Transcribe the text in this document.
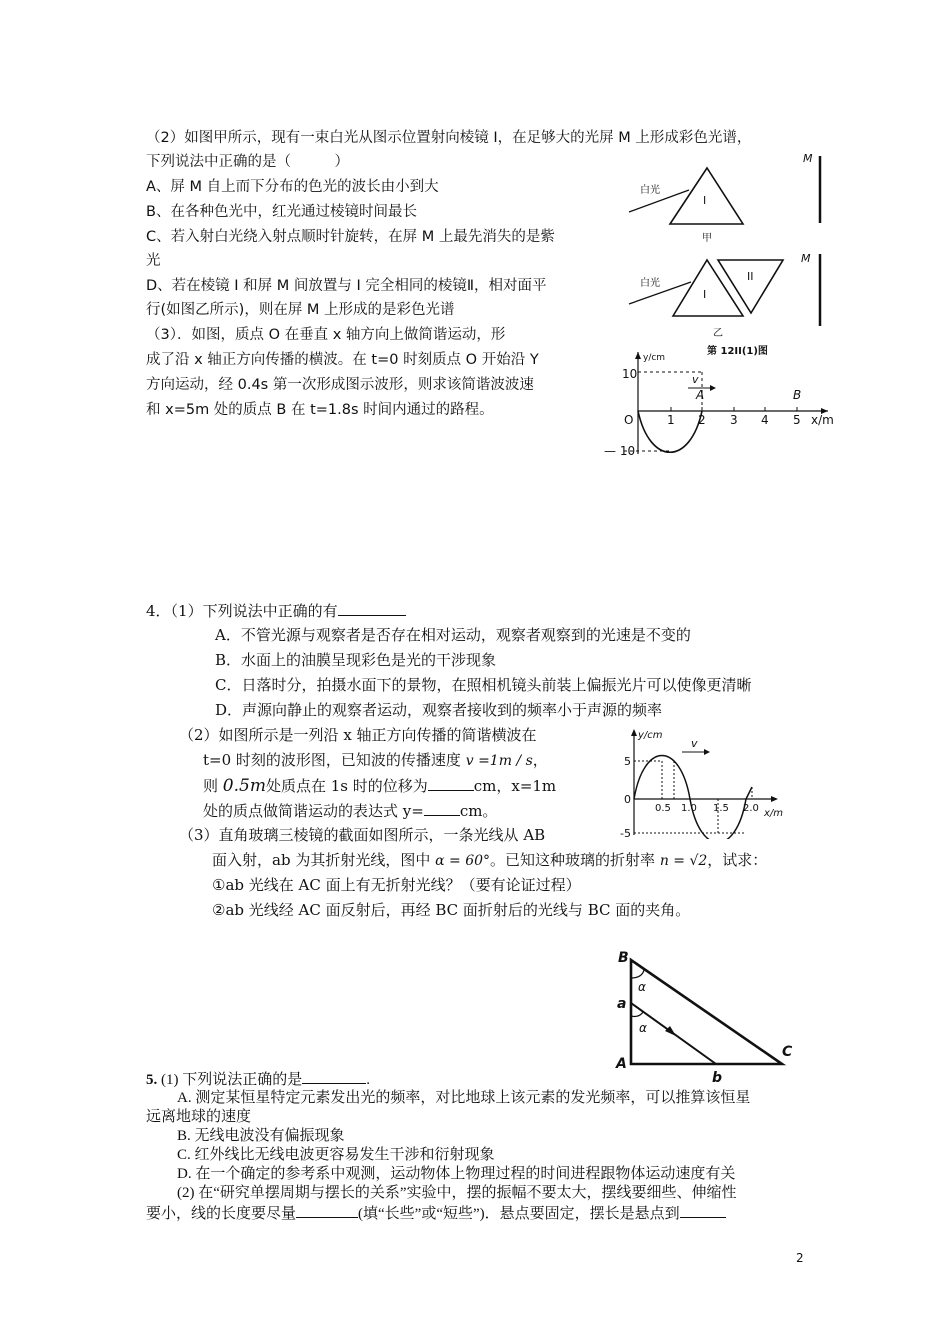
（2）如图甲所示，现有一束白光从图示位置射向棱镜 I，在足够大的光屏 M 上形成彩色光谱，
下列说法中正确的是（　　　）
A、屏 M 自上而下分布的色光的波长由小到大
B、在各种色光中，红光通过棱镜时间最长
C、若入射白光绕入射点顺时针旋转，在屏 M 上最先消失的是紫
光
D、若在棱镜 I 和屏 M 间放置与 I 完全相同的棱镜Ⅱ，相对面平
行(如图乙所示)，则在屏 M 上形成的是彩色光谱
（3）．如图，质点 O 在垂直 x 轴方向上做简谐运动，形
成了沿 x 轴正方向传播的横波。在 t=0 时刻质点 O 开始沿 Y
方向运动，经 0.4s 第一次形成图示波形，则求该简谐波波速
和 x=5m 处的质点 B 在 t=1.8s 时间内通过的路程。
M
白光
I
甲
M
白光
I
II
乙
第 12II(1)图
y/cm
x/m
10
— 10
O	1 2 3 4 5
v
A	B
4．（1）下列说法中正确的有
A．不管光源与观察者是否存在相对运动，观察者观察到的光速是不变的
B．水面上的油膜呈现彩色是光的干涉现象
C．日落时分，拍摄水面下的景物，在照相机镜头前装上偏振光片可以使像更清晰
D．声源向静止的观察者运动，观察者接收到的频率小于声源的频率
（2）如图所示是一列沿 x 轴正方向传播的简谐横波在
t=0 时刻的波形图，已知波的传播速度 v =1m / s，
则 0.5m处质点在 1s 时的位移为	cm，x=1m
处的质点做简谐运动的表达式 y= cm。
（3）直角玻璃三棱镜的截面如图所示，一条光线从 AB
面入射，ab 为其折射光线，图中 α = 60°。已知这种玻璃的折射率 n = √2，试求：
①ab 光线在 AC 面上有无折射光线？（要有论证过程）
②ab 光线经 AC 面反射后，再经 BC 面折射后的光线与 BC 面的夹角。
y/cm
x/m
5
-5
0
0.5 1.0 1.5 2.0
v
B
a
A
C
b
α
α
5. (1) 下列说法正确的是	.
A. 测定某恒星特定元素发出光的频率，对比地球上该元素的发光频率，可以推算该恒星
远离地球的速度
B. 无线电波没有偏振现象
C. 红外线比无线电波更容易发生干涉和衍射现象
D. 在一个确定的参考系中观测，运动物体上物理过程的时间进程跟物体运动速度有关
(2) 在“研究单摆周期与摆长的关系”实验中，摆的振幅不要太大，摆线要细些、伸缩性
要小，线的长度要尽量	(填“长些”或“短些”)．悬点要固定，摆长是悬点到
2
